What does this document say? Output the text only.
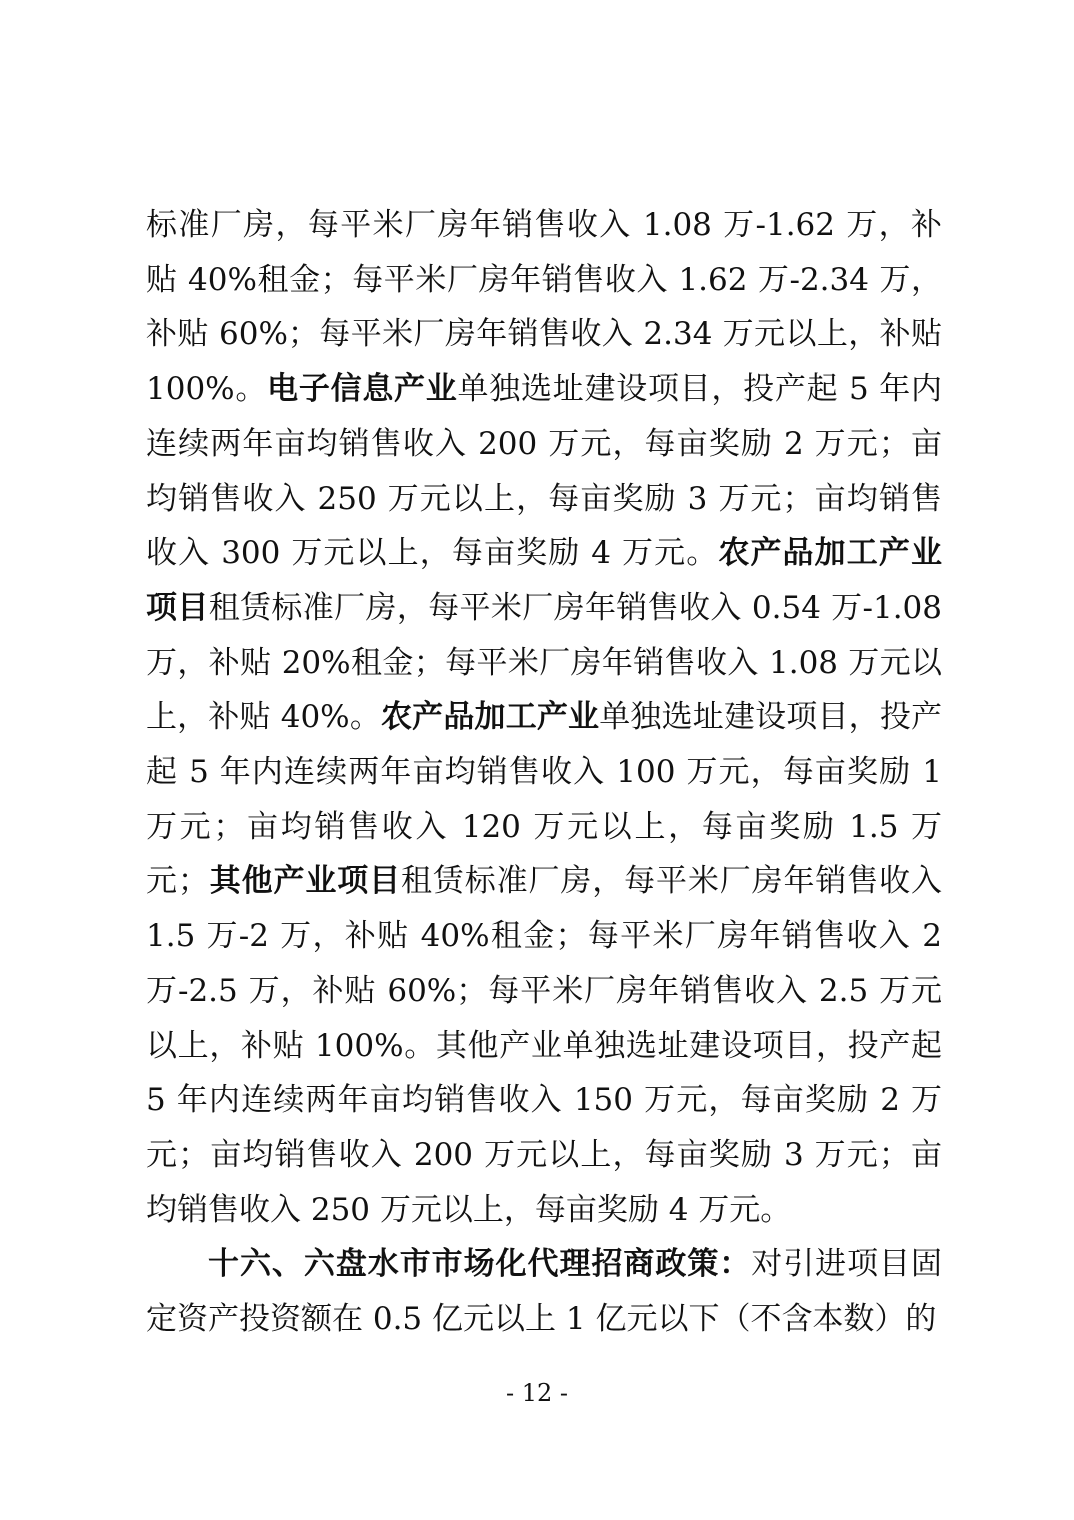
标准厂房，每平米厂房年销售收入 1.08 万-1.62 万，补贴 40%租金；每平米厂房年销售收入 1.62 万-2.34 万，补贴 60%；每平米厂房年销售收入 2.34 万元以上，补贴 100%。电子信息产业单独选址建设项目，投产起 5 年内连续两年亩均销售收入 200 万元，每亩奖励 2 万元；亩均销售收入 250 万元以上，每亩奖励 3 万元；亩均销售收入 300 万元以上，每亩奖励 4 万元。农产品加工产业项目租赁标准厂房，每平米厂房年销售收入 0.54 万-1.08 万，补贴 20%租金；每平米厂房年销售收入 1.08 万元以上，补贴 40%。农产品加工产业单独选址建设项目，投产起 5 年内连续两年亩均销售收入 100 万元，每亩奖励 1 万元；亩均销售收入 120 万元以上，每亩奖励 1.5 万元；其他产业项目租赁标准厂房，每平米厂房年销售收入 1.5 万-2 万，补贴 40%租金；每平米厂房年销售收入 2 万-2.5 万，补贴 60%；每平米厂房年销售收入 2.5 万元以上，补贴 100%。其他产业单独选址建设项目，投产起 5 年内连续两年亩均销售收入 150 万元，每亩奖励 2 万元；亩均销售收入 200 万元以上，每亩奖励 3 万元；亩均销售收入 250 万元以上，每亩奖励 4 万元。

十六、六盘水市市场化代理招商政策：对引进项目固定资产投资额在 0.5 亿元以上 1 亿元以下（不含本数）的

- 12 -
